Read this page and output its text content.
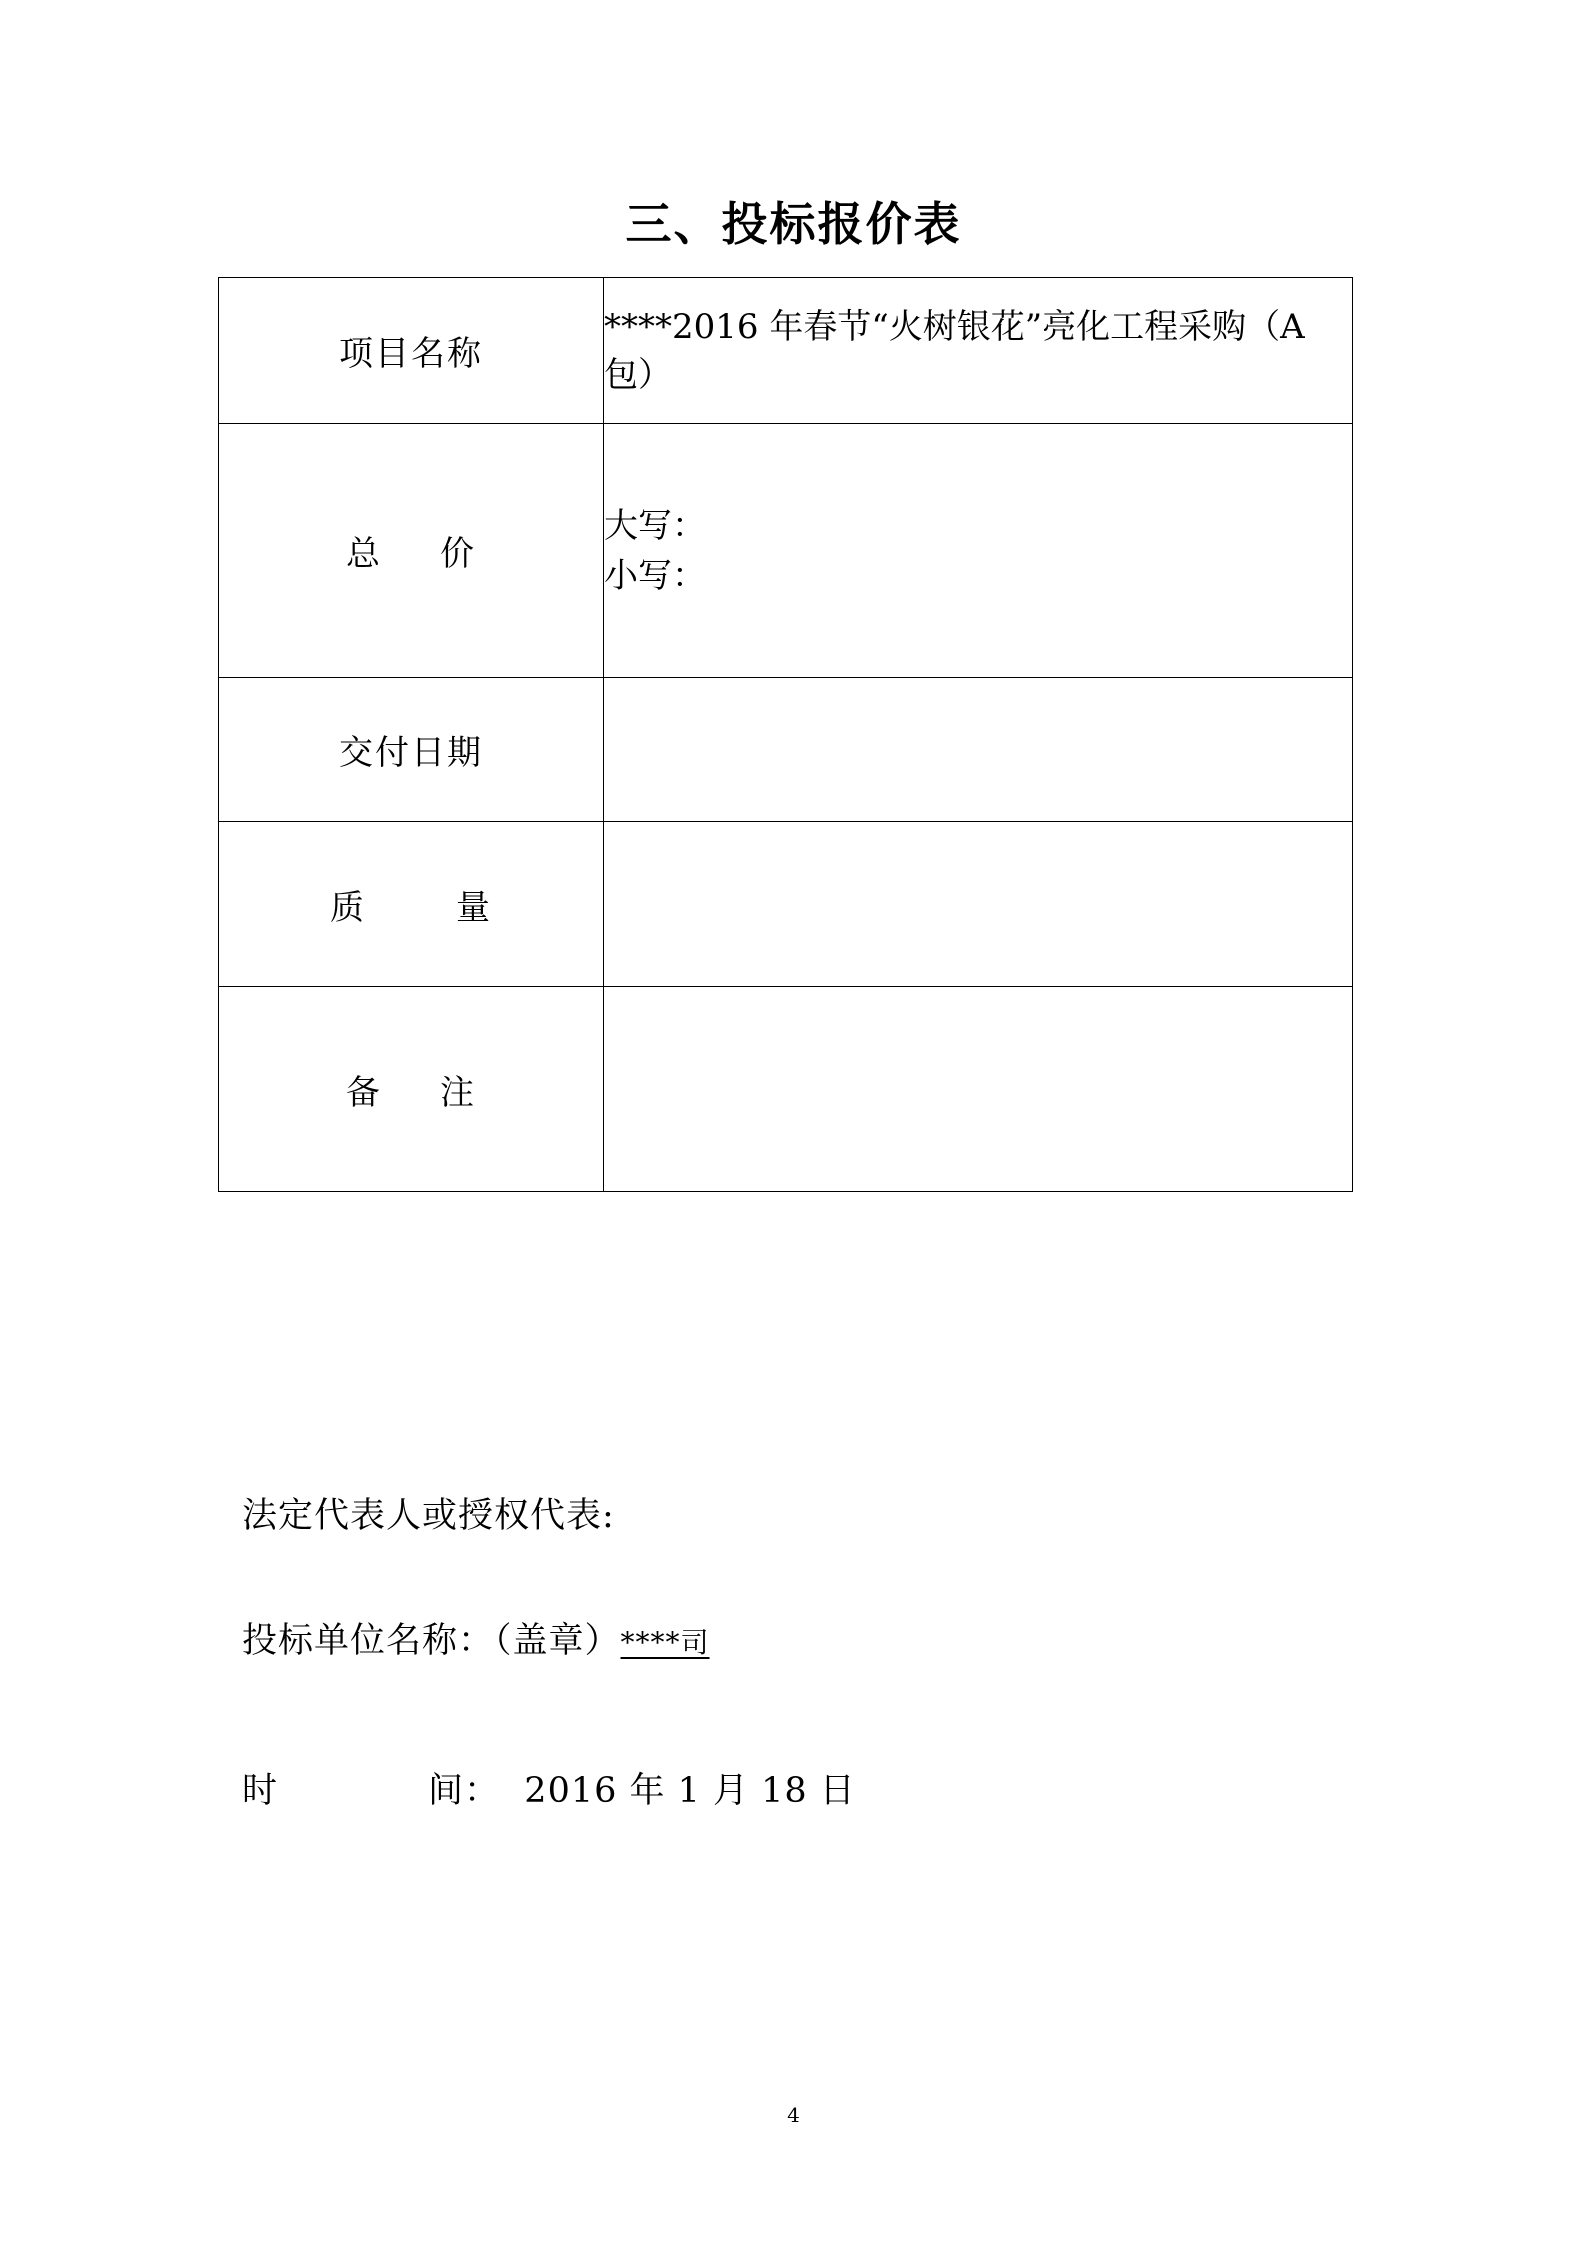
三、投标报价表
项目名称	****2016 年春节“火树银花”亮化工程采购（A 包）
总 价	大写：
小写：

交付日期	
质 量	
备 注	
法定代表人或授权代表:
投标单位名称：（盖章）****司
时	间： 2016 年 1 月 18 日
4
